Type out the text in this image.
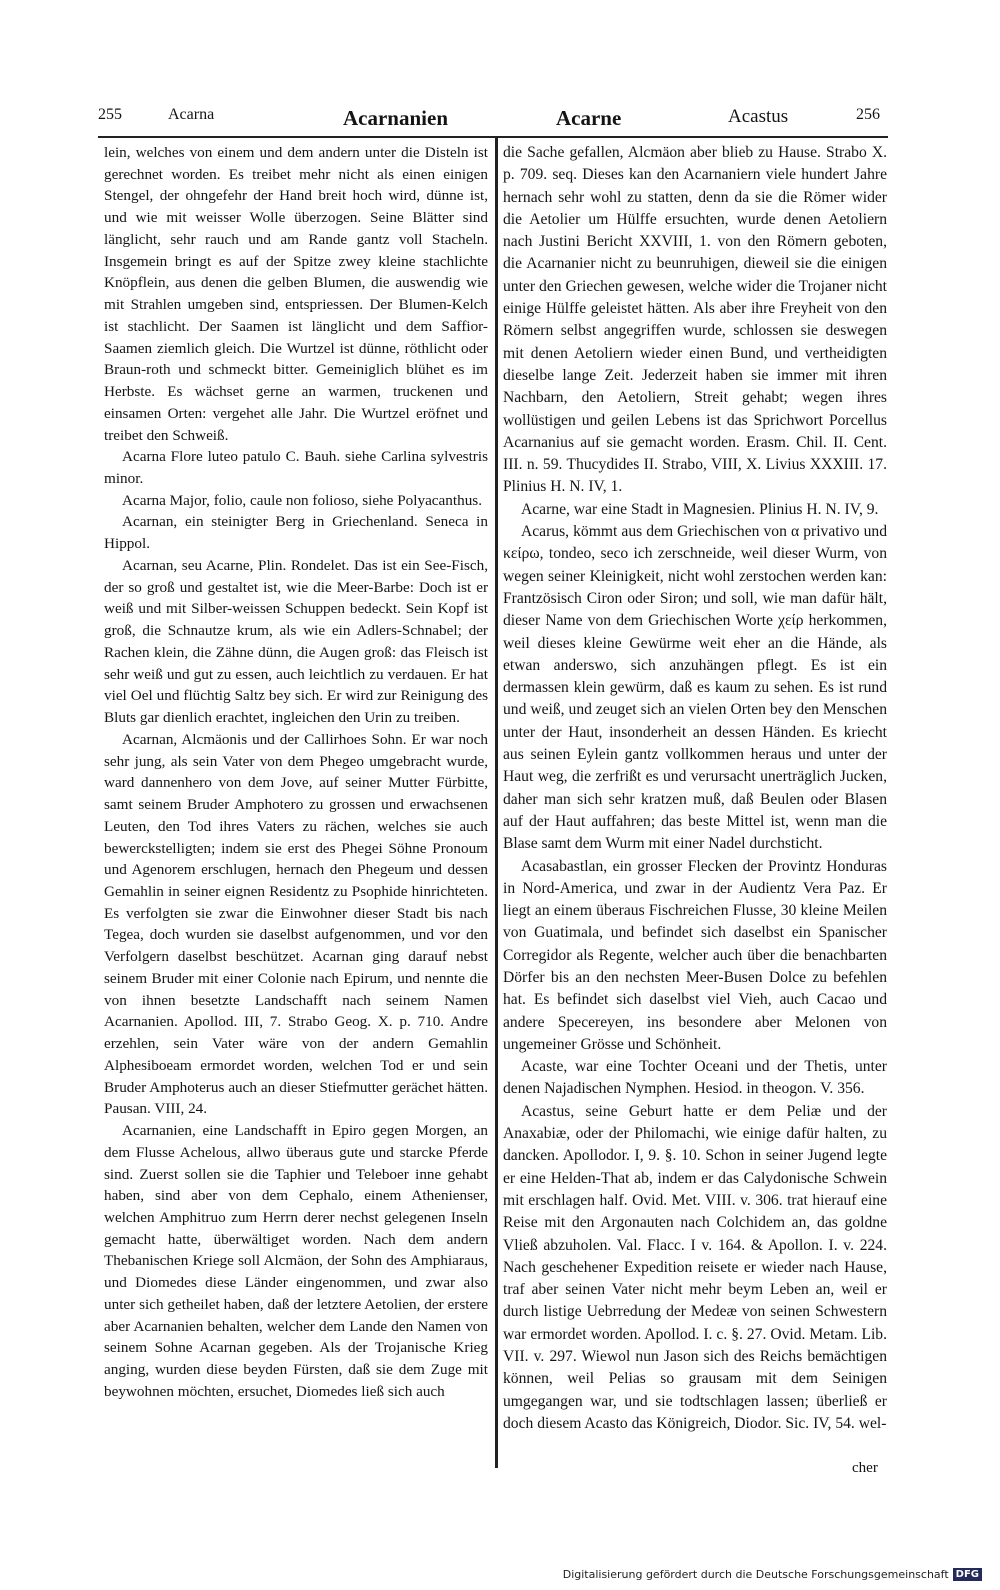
255	Acarna	Acarnanien	Acarne	Acastus	256

lein, welches von einem und dem andern unter die Disteln ist gerechnet worden. Es treibet mehr nicht als einen einigen Stengel, der ohngefehr der Hand breit hoch wird, dünne ist, und wie mit weisser Wolle überzogen. Seine Blätter sind länglicht, sehr rauch und am Rande gantz voll Stacheln. Insgemein bringt es auf der Spitze zwey kleine stachlichte Knöpflein, aus denen die gelben Blumen, die auswendig wie mit Strahlen umgeben sind, entspriessen. Der Blumen-Kelch ist stachlicht. Der Saamen ist länglicht und dem Saffior-Saamen ziemlich gleich. Die Wurtzel ist dünne, röthlicht oder Braun-roth und schmeckt bitter. Gemeiniglich blühet es im Herbste. Es wächset gerne an warmen, truckenen und einsamen Orten: vergehet alle Jahr. Die Wurtzel eröfnet und treibet den Schweiß.

Acarna Flore luteo patulo C. Bauh. siehe Carlina sylvestris minor.

Acarna Major, folio, caule non folioso, siehe Polyacanthus.

Acarnan, ein steinigter Berg in Griechenland. Seneca in Hippol.

Acarnan, seu Acarne, Plin. Rondelet. Das ist ein See-Fisch, der so groß und gestaltet ist, wie die Meer-Barbe: Doch ist er weiß und mit Silber-weissen Schuppen bedeckt. Sein Kopf ist groß, die Schnautze krum, als wie ein Adlers-Schnabel; der Rachen klein, die Zähne dünn, die Augen groß: das Fleisch ist sehr weiß und gut zu essen, auch leichtlich zu verdauen. Er hat viel Oel und flüchtig Saltz bey sich. Er wird zur Reinigung des Bluts gar dienlich erachtet, ingleichen den Urin zu treiben.

Acarnan, Alcmäonis und der Callirhoes Sohn. Er war noch sehr jung, als sein Vater von dem Phegeo umgebracht wurde, ward dannenhero von dem Jove, auf seiner Mutter Fürbitte, samt seinem Bruder Amphotero zu grossen und erwachsenen Leuten, den Tod ihres Vaters zu rächen, welches sie auch bewerckstelligten; indem sie erst des Phegei Söhne Pronoum und Agenorem erschlugen, hernach den Phegeum und dessen Gemahlin in seiner eignen Residentz zu Psophide hinrichteten. Es verfolgten sie zwar die Einwohner dieser Stadt bis nach Tegea, doch wurden sie daselbst aufgenommen, und vor den Verfolgern daselbst beschützet. Acarnan ging darauf nebst seinem Bruder mit einer Colonie nach Epirum, und nennte die von ihnen besetzte Landschafft nach seinem Namen Acarnanien. Apollod. III, 7. Strabo Geog. X. p. 710. Andre erzehlen, sein Vater wäre von der andern Gemahlin Alphesiboeam ermordet worden, welchen Tod er und sein Bruder Amphoterus auch an dieser Stiefmutter gerächet hätten. Pausan. VIII, 24.

Acarnanien, eine Landschafft in Epiro gegen Morgen, an dem Flusse Achelous, allwo überaus gute und starcke Pferde sind. Zuerst sollen sie die Taphier und Teleboer inne gehabt haben, sind aber von dem Cephalo, einem Athenienser, welchen Amphitruo zum Herrn derer nechst gelegenen Inseln gemacht hatte, überwältiget worden. Nach dem andern Thebanischen Kriege soll Alcmäon, der Sohn des Amphiaraus, und Diomedes diese Länder eingenommen, und zwar also unter sich getheilet haben, daß der letztere Aetolien, der erstere aber Acarnanien behalten, welcher dem Lande den Namen von seinem Sohne Acarnan gegeben. Als der Trojanische Krieg anging, wurden diese beyden Fürsten, daß sie dem Zuge mit beywohnen möchten, ersuchet, Diomedes ließ sich auch

die Sache gefallen, Alcmäon aber blieb zu Hause. Strabo X. p. 709. seq. Dieses kan den Acarnaniern viele hundert Jahre hernach sehr wohl zu statten, denn da sie die Römer wider die Aetolier um Hülffe ersuchten, wurde denen Aetoliern nach Justini Bericht XXVIII, 1. von den Römern geboten, die Acarnanier nicht zu beunruhigen, dieweil sie die einigen unter den Griechen gewesen, welche wider die Trojaner nicht einige Hülffe geleistet hätten. Als aber ihre Freyheit von den Römern selbst angegriffen wurde, schlossen sie deswegen mit denen Aetoliern wieder einen Bund, und vertheidigten dieselbe lange Zeit. Jederzeit haben sie immer mit ihren Nachbarn, den Aetoliern, Streit gehabt; wegen ihres wollüstigen und geilen Lebens ist das Sprichwort Porcellus Acarnanius auf sie gemacht worden. Erasm. Chil. II. Cent. III. n. 59. Thucydides II. Strabo, VIII, X. Livius XXXIII. 17. Plinius H. N. IV, 1.

Acarne, war eine Stadt in Magnesien. Plinius H. N. IV, 9.

Acarus, kömmt aus dem Griechischen von α privativo und κείρω, tondeo, seco ich zerschneide, weil dieser Wurm, von wegen seiner Kleinigkeit, nicht wohl zerstochen werden kan: Frantzösisch Ciron oder Siron; und soll, wie man dafür hält, dieser Name von dem Griechischen Worte χείρ herkommen, weil dieses kleine Gewürme weit eher an die Hände, als etwan anderswo, sich anzuhängen pflegt. Es ist ein dermassen klein gewürm, daß es kaum zu sehen. Es ist rund und weiß, und zeuget sich an vielen Orten bey den Menschen unter der Haut, insonderheit an dessen Händen. Es kriecht aus seinen Eylein gantz vollkommen heraus und unter der Haut weg, die zerfrißt es und verursacht unerträglich Jucken, daher man sich sehr kratzen muß, daß Beulen oder Blasen auf der Haut auffahren; das beste Mittel ist, wenn man die Blase samt dem Wurm mit einer Nadel durchsticht.

Acasabastlan, ein grosser Flecken der Provintz Honduras in Nord-America, und zwar in der Audientz Vera Paz. Er liegt an einem überaus Fischreichen Flusse, 30 kleine Meilen von Guatimala, und befindet sich daselbst ein Spanischer Corregidor als Regente, welcher auch über die benachbarten Dörfer bis an den nechsten Meer-Busen Dolce zu befehlen hat. Es befindet sich daselbst viel Vieh, auch Cacao und andere Specereyen, ins besondere aber Melonen von ungemeiner Grösse und Schönheit.

Acaste, war eine Tochter Oceani und der Thetis, unter denen Najadischen Nymphen. Hesiod. in theogon. V. 356.

Acastus, seine Geburt hatte er dem Peliæ und der Anaxabiæ, oder der Philomachi, wie einige dafür halten, zu dancken. Apollodor. I, 9. §. 10. Schon in seiner Jugend legte er eine Helden-That ab, indem er das Calydonische Schwein mit erschlagen half. Ovid. Met. VIII. v. 306. trat hierauf eine Reise mit den Argonauten nach Colchidem an, das goldne Vließ abzuholen. Val. Flacc. I v. 164. & Apollon. I. v. 224. Nach geschehener Expedition reisete er wieder nach Hause, traf aber seinen Vater nicht mehr beym Leben an, weil er durch listige Uebrredung der Medeæ von seinen Schwestern war ermordet worden. Apollod. I. c. §. 27. Ovid. Metam. Lib. VII. v. 297. Wiewol nun Jason sich des Reichs bemächtigen können, weil Pelias so grausam mit dem Seinigen umgegangen war, und sie todtschlagen lassen; überließ er doch diesem Acasto das Königreich, Diodor. Sic. IV, 54. wel-

cher
Digitalisierung gefördert durch die Deutsche Forschungsgemeinschaft DFG
